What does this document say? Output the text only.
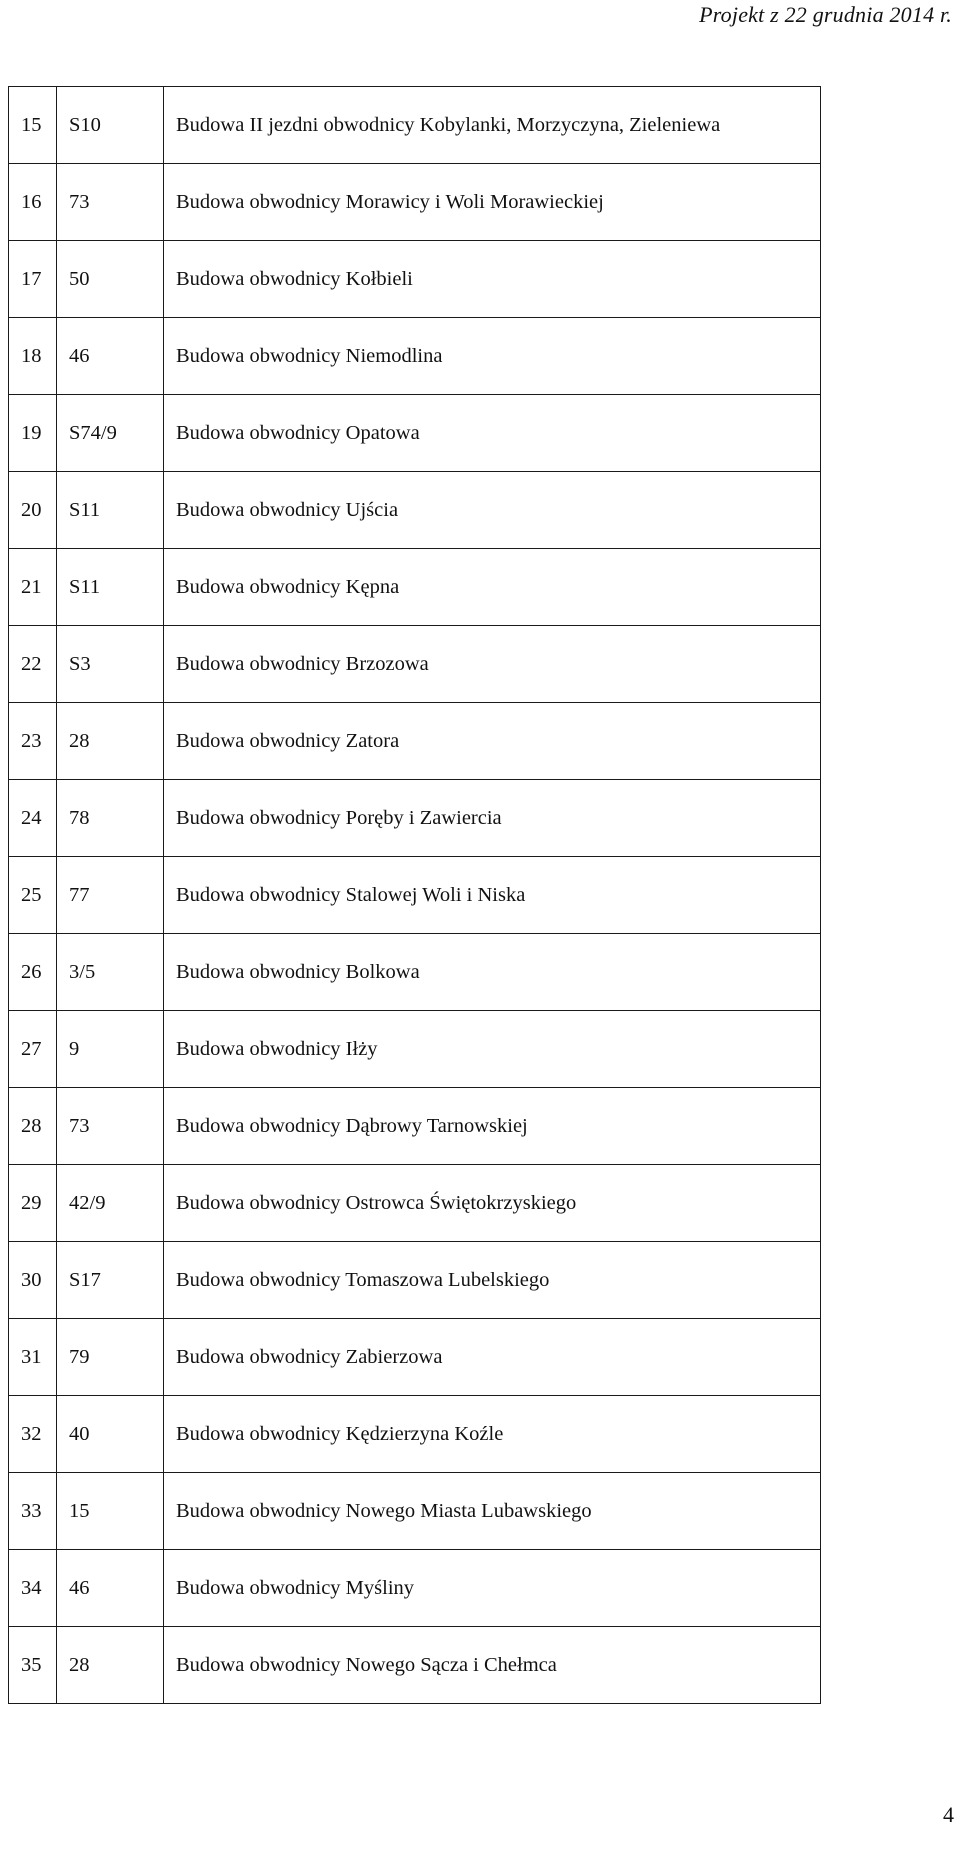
Projekt z 22 grudnia 2014 r.
15	S10	Budowa II jezdni obwodnicy Kobylanki, Morzyczyna, Zieleniewa
16	73	Budowa obwodnicy Morawicy i Woli Morawieckiej
17	50	Budowa obwodnicy Kołbieli
18	46	Budowa obwodnicy Niemodlina
19	S74/9	Budowa obwodnicy Opatowa
20	S11	Budowa obwodnicy Ujścia
21	S11	Budowa obwodnicy Kępna
22	S3	Budowa obwodnicy Brzozowa
23	28	Budowa obwodnicy Zatora
24	78	Budowa obwodnicy Poręby i Zawiercia
25	77	Budowa obwodnicy Stalowej Woli i Niska
26	3/5	Budowa obwodnicy Bolkowa
27	9	Budowa obwodnicy Iłży
28	73	Budowa obwodnicy Dąbrowy Tarnowskiej
29	42/9	Budowa obwodnicy Ostrowca Świętokrzyskiego
30	S17	Budowa obwodnicy Tomaszowa Lubelskiego
31	79	Budowa obwodnicy Zabierzowa
32	40	Budowa obwodnicy Kędzierzyna Koźle
33	15	Budowa obwodnicy Nowego Miasta Lubawskiego
34	46	Budowa obwodnicy Myśliny
35	28	Budowa obwodnicy Nowego Sącza i Chełmca
4
